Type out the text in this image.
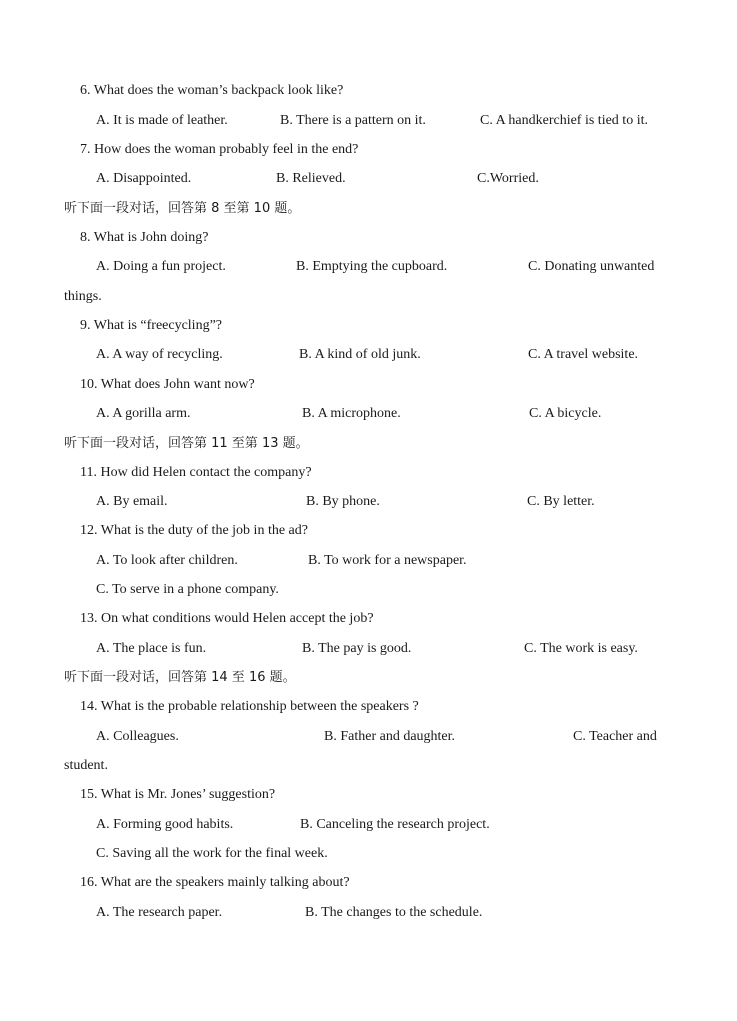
6. What does the woman’s backpack look like?
A. It is made of leather.	B. There is a pattern on it.	C. A handkerchief is tied to it.
7. How does the woman probably feel in the end?
A. Disappointed.	B. Relieved.	C.Worried.
听下面一段对话，回答第 8 至第 10 题。
8. What is John doing?
A. Doing a fun project.	B. Emptying the cupboard.	C. Donating unwanted
things.
9. What is “freecycling”?
A. A way of recycling.	B. A kind of old junk.	C. A travel website.
10. What does John want now?
A. A gorilla arm.	B. A microphone.	C. A bicycle.
听下面一段对话，回答第 11 至第 13 题。
11. How did Helen contact the company?
A. By email.	B. By phone.	C. By letter.
12. What is the duty of the job in the ad?
A. To look after children.	B. To work for a newspaper.
C. To serve in a phone company.
13. On what conditions would Helen accept the job?
A. The place is fun.	B. The pay is good.	C. The work is easy.
听下面一段对话，回答第 14 至 16 题。
14. What is the probable relationship between the speakers ?
A. Colleagues.	B. Father and daughter.	C. Teacher and
student.
15. What is Mr. Jones’ suggestion?
A. Forming good habits.	B. Canceling the research project.
C. Saving all the work for the final week.
16. What are the speakers mainly talking about?
A. The research paper.	B. The changes to the schedule.
